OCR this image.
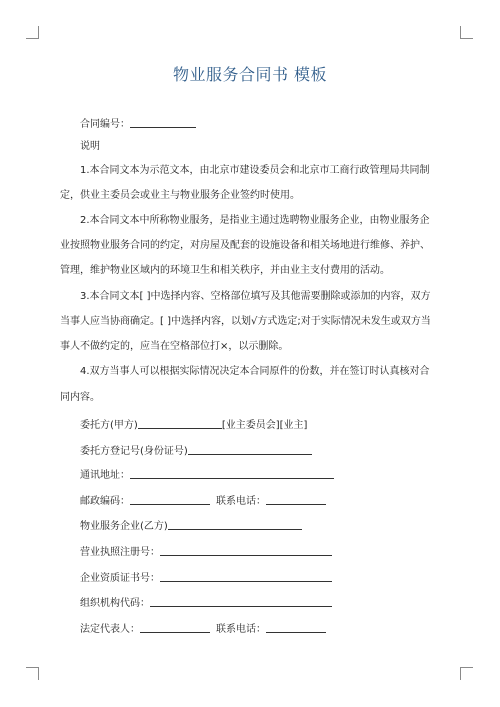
物业服务合同书 模板
合同编号：
说明
1.本合同文本为示范文本，由北京市建设委员会和北京市工商行政管理局共同制
定，供业主委员会或业主与物业服务企业签约时使用。
2.本合同文本中所称物业服务，是指业主通过选聘物业服务企业，由物业服务企
业按照物业服务合同的约定，对房屋及配套的设施设备和相关场地进行维修、养护、
管理，维护物业区域内的环境卫生和相关秩序，并由业主支付费用的活动。
3.本合同文本[ ]中选择内容、空格部位填写及其他需要删除或添加的内容，双方
当事人应当协商确定。[ ]中选择内容，以划√方式选定;对于实际情况未发生或双方当
事人不做约定的，应当在空格部位打×，以示删除。
4.双方当事人可以根据实际情况决定本合同原件的份数，并在签订时认真核对合
同内容。
委托方(甲方)	[业主委员会][业主]
委托方登记号(身份证号)
通讯地址：
邮政编码：	联系电话：
物业服务企业(乙方)
营业执照注册号：
企业资质证书号：
组织机构代码：
法定代表人：	联系电话：
